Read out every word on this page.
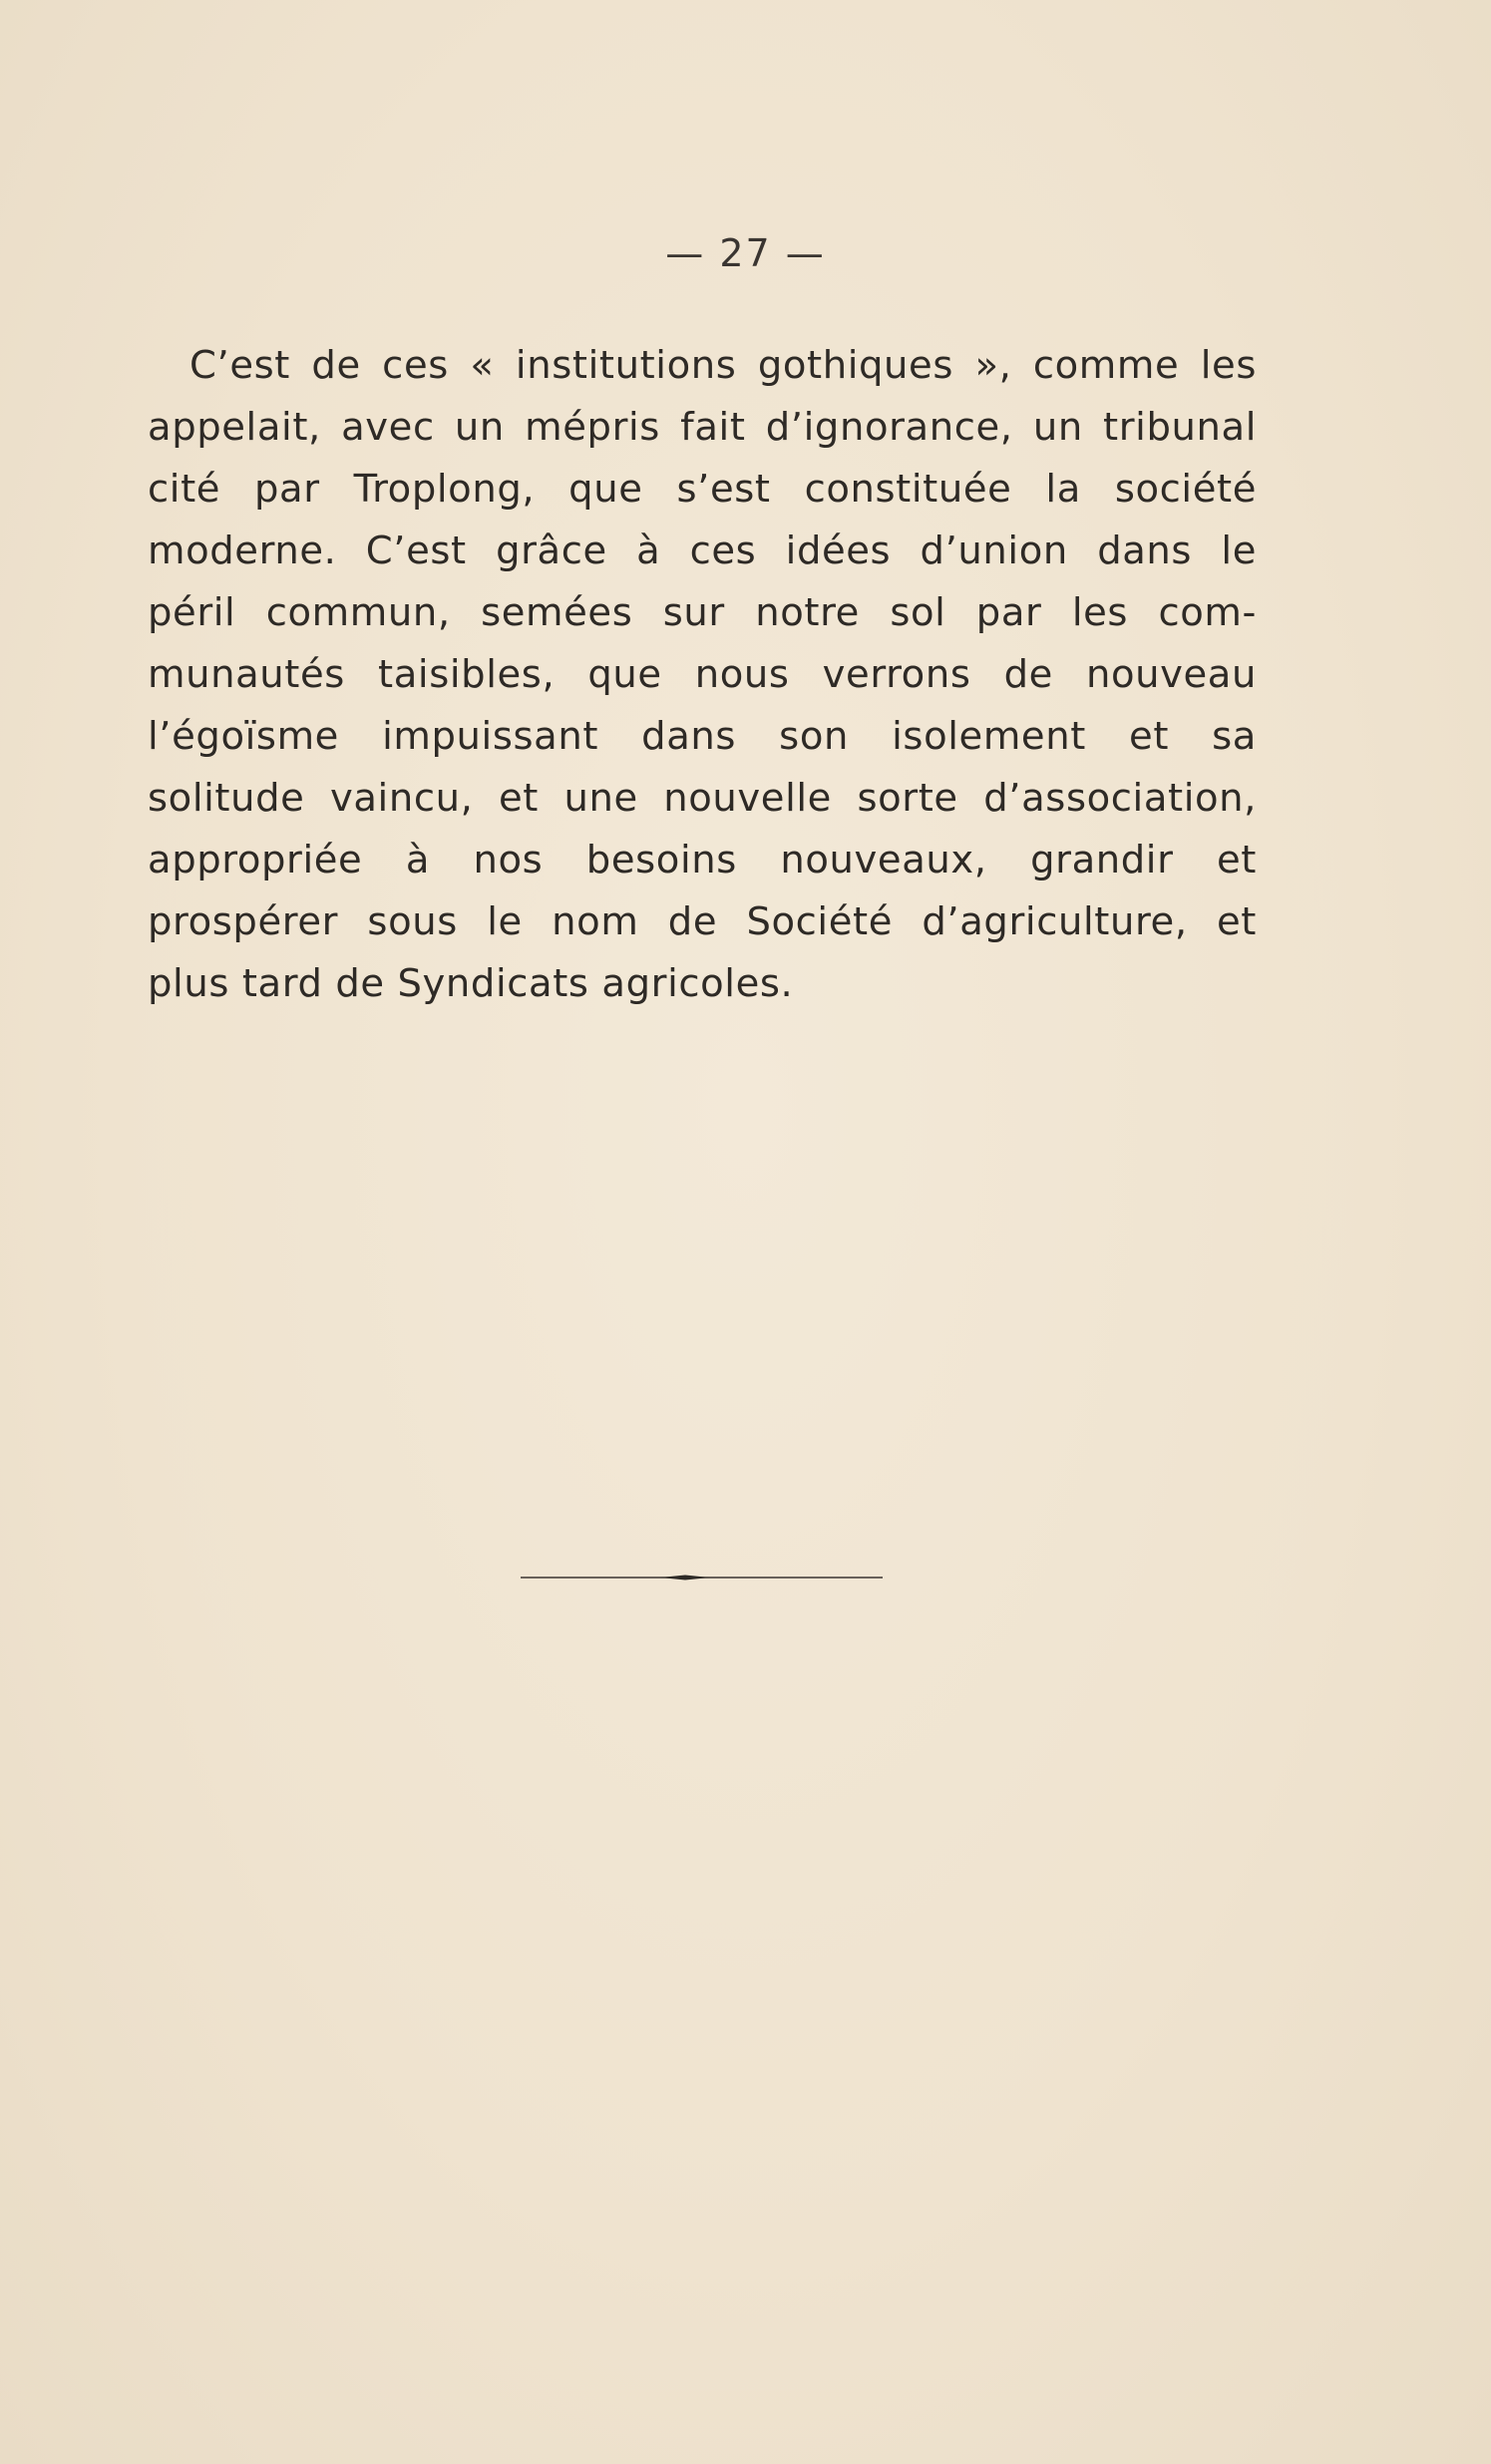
— 27 —
C’est de ces « institutions gothiques », comme les
appelait, avec un mépris fait d’ignorance, un tribunal
cité par Troplong, que s’est constituée la société
moderne. C’est grâce à ces idées d’union dans le
péril commun, semées sur notre sol par les com-
munautés taisibles, que nous verrons de nouveau
l’égoïsme impuissant dans son isolement et sa
solitude vaincu, et une nouvelle sorte d’association,
appropriée à nos besoins nouveaux, grandir et
prospérer sous le nom de Société d’agriculture, et
plus tard de Syndicats agricoles.
